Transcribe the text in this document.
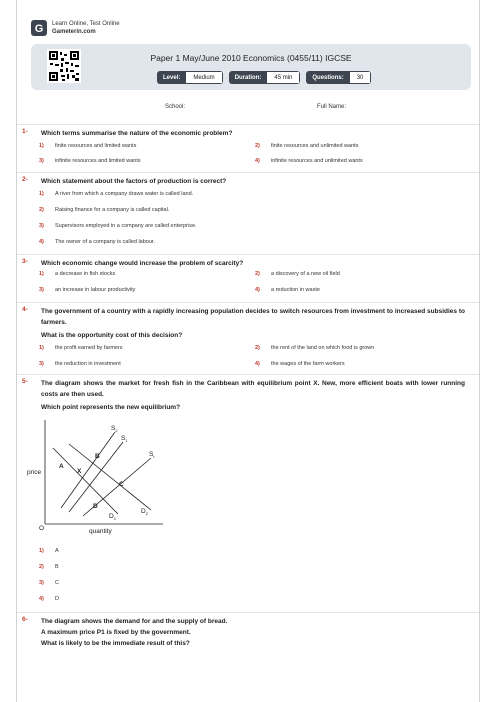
G Learn Online, Test Online
Gameterin.com
Paper 1 May/June 2010 Economics (0455/11) IGCSE
Level:	Medium	Duration:	45 min	Questions:	30
School:	Full Name:
1- Which terms summarise the nature of the economic problem?
1) finite resources and limited wants	2) finite resources and unlimited wants
3) infinite resources and limited wants	4) infinite resources and unlimited wants
2- Which statement about the factors of production is correct?
1) A river from which a company draws water is called land.
2) Raising finance for a company is called capital.
3) Supervisors employed in a company are called enterprise.
4) The owner of a company is called labour.
3- Which economic change would increase the problem of scarcity?
1) a decrease in fish stocks	2) a discovery of a new oil field
3) an increase in labour productivity	4) a reduction in waste
4- The government of a country with a rapidly increasing population decides to switch resources from investment to increased subsidies to farmers.
What is the opportunity cost of this decision?
1) the profit earned by farmers	2) the rent of the land on which food is grown
3) the reduction in investment	4) the wages of the farm workers
5- The diagram shows the market for fresh fish in the Caribbean with equilibrium point X. New, more efficient boats with lower running costs are then used.
Which point represents the new equilibrium?
1) A
2) B
3) C
4) D
price
quantity
O
$S_2$
$S_1$
$S_t$
A
B
X
C
D
$D_1$
$D_2$
6- The diagram shows the demand for and the supply of bread.
A maximum price P1 is fixed by the government.
What is likely to be the immediate result of this?
